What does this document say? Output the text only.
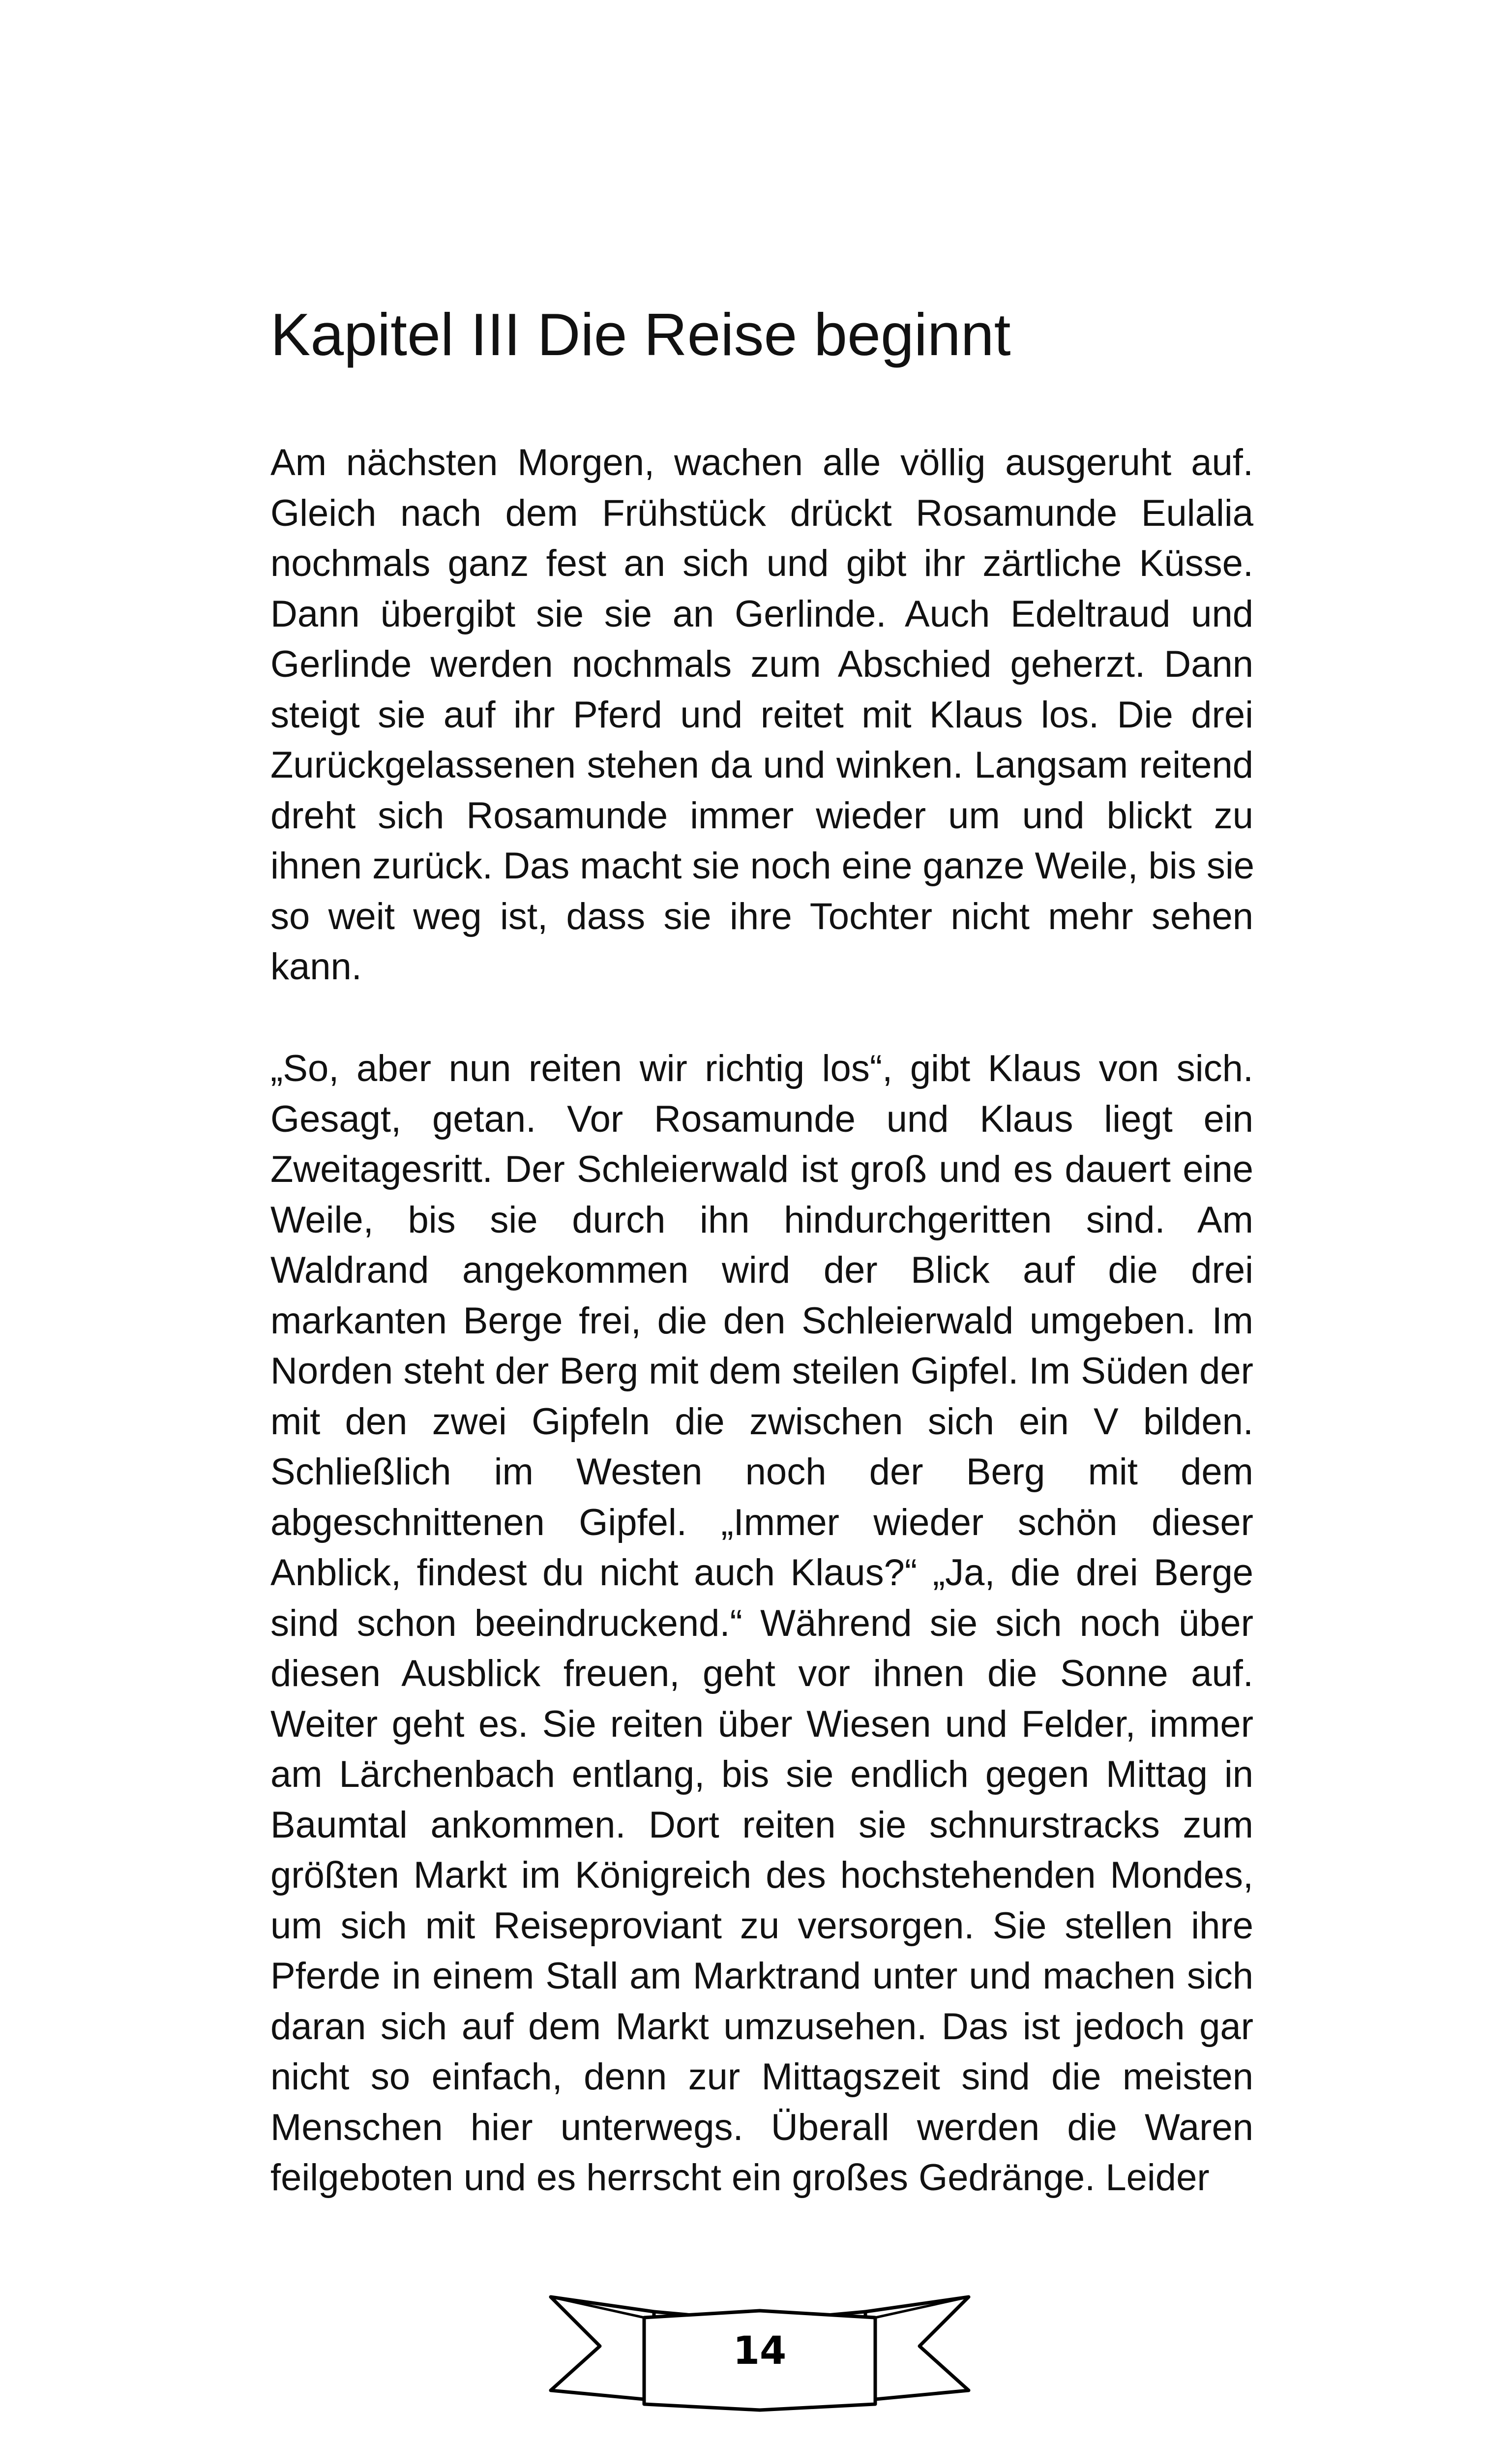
Kapitel III Die Reise beginnt
Am nächsten Morgen, wachen alle völlig ausgeruht auf.
Gleich nach dem Frühstück drückt Rosamunde Eulalia
nochmals ganz fest an sich und gibt ihr zärtliche Küsse.
Dann übergibt sie sie an Gerlinde. Auch Edeltraud und
Gerlinde werden nochmals zum Abschied geherzt. Dann
steigt sie auf ihr Pferd und reitet mit Klaus los. Die drei
Zurückgelassenen stehen da und winken. Langsam reitend
dreht sich Rosamunde immer wieder um und blickt zu
ihnen zurück. Das macht sie noch eine ganze Weile, bis sie
so weit weg ist, dass sie ihre Tochter nicht mehr sehen
kann.
„So, aber nun reiten wir richtig los“, gibt Klaus von sich.
Gesagt, getan. Vor Rosamunde und Klaus liegt ein
Zweitagesritt. Der Schleierwald ist groß und es dauert eine
Weile, bis sie durch ihn hindurchgeritten sind. Am
Waldrand angekommen wird der Blick auf die drei
markanten Berge frei, die den Schleierwald umgeben. Im
Norden steht der Berg mit dem steilen Gipfel. Im Süden der
mit den zwei Gipfeln die zwischen sich ein V bilden.
Schließlich im Westen noch der Berg mit dem
abgeschnittenen Gipfel. „Immer wieder schön dieser
Anblick, findest du nicht auch Klaus?“ „Ja, die drei Berge
sind schon beeindruckend.“ Während sie sich noch über
diesen Ausblick freuen, geht vor ihnen die Sonne auf.
Weiter geht es. Sie reiten über Wiesen und Felder, immer
am Lärchenbach entlang, bis sie endlich gegen Mittag in
Baumtal ankommen. Dort reiten sie schnurstracks zum
größten Markt im Königreich des hochstehenden Mondes,
um sich mit Reiseproviant zu versorgen. Sie stellen ihre
Pferde in einem Stall am Marktrand unter und machen sich
daran sich auf dem Markt umzusehen. Das ist jedoch gar
nicht so einfach, denn zur Mittagszeit sind die meisten
Menschen hier unterwegs. Überall werden die Waren
feilgeboten und es herrscht ein großes Gedränge. Leider
14
